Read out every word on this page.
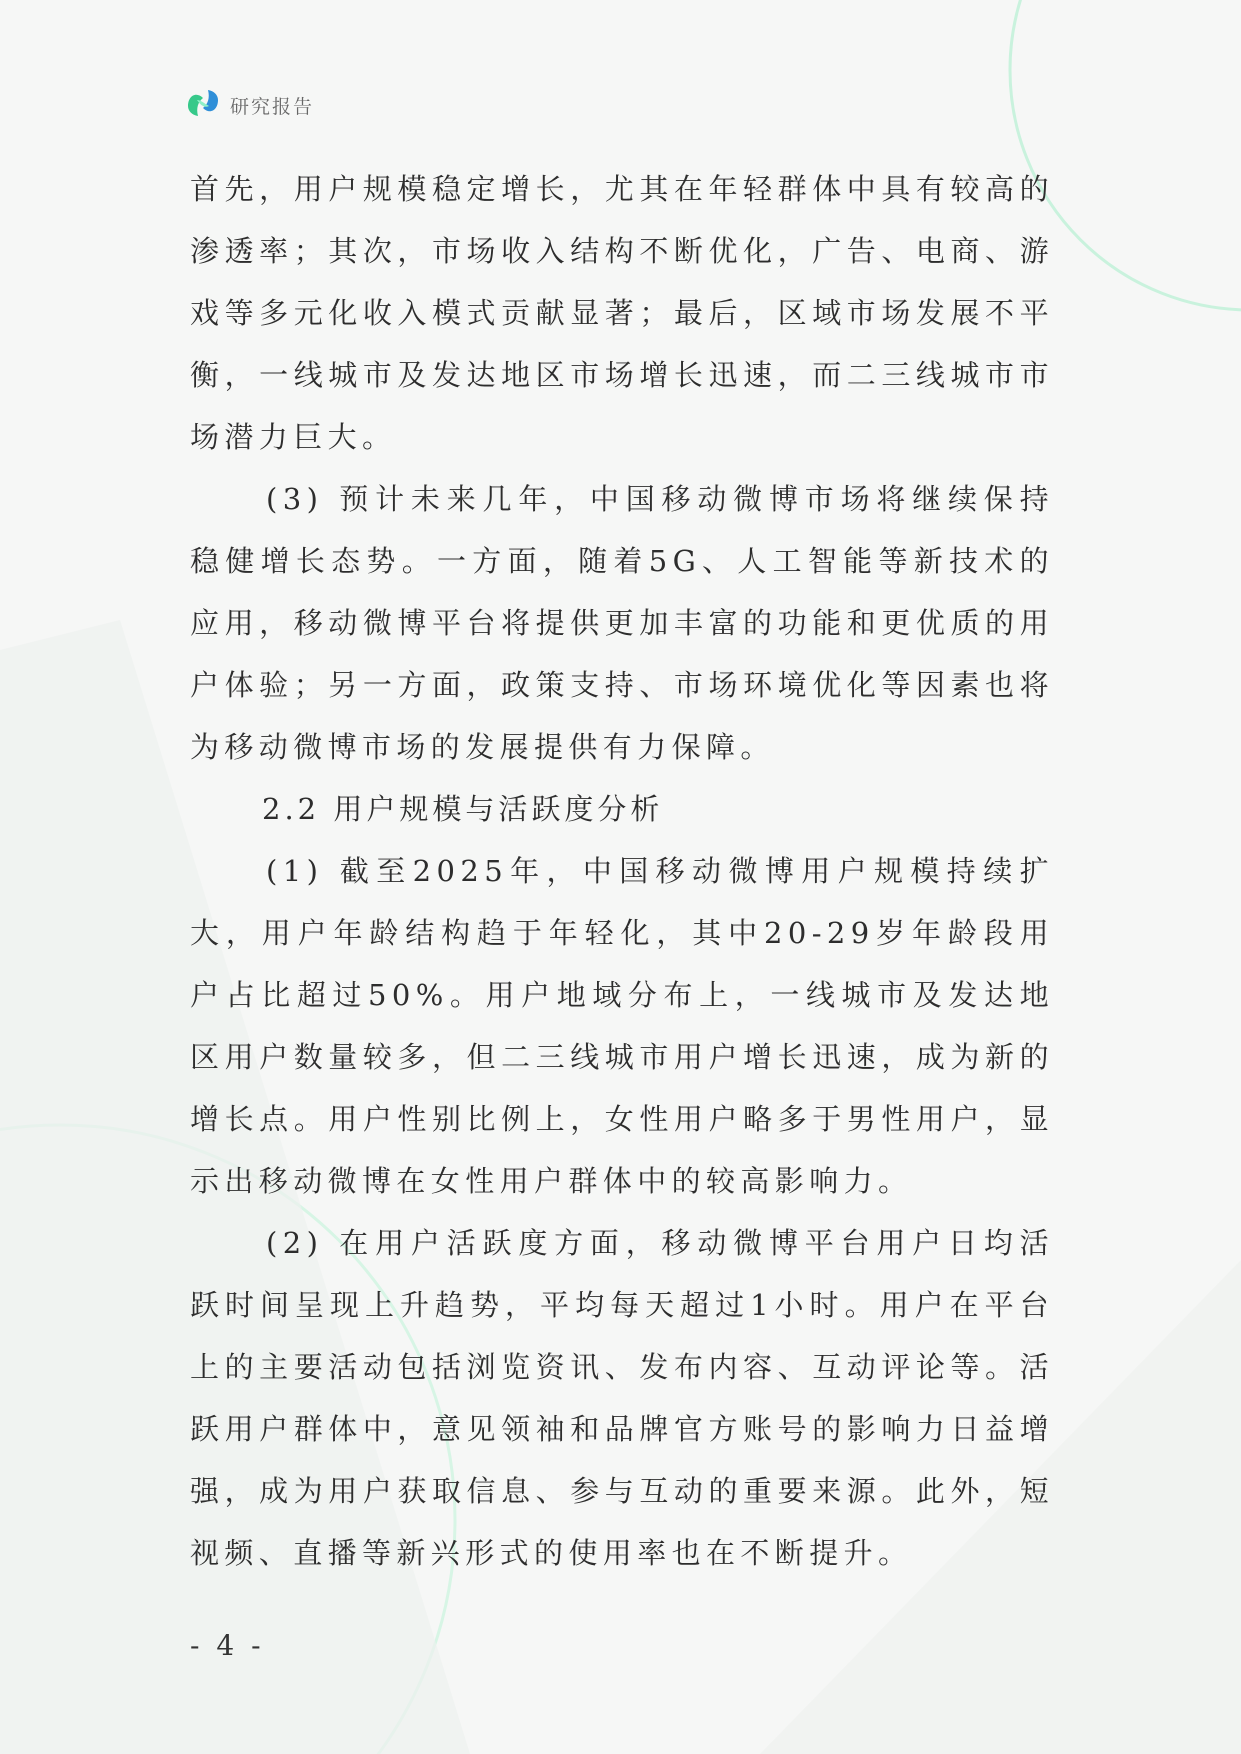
研究报告

首先，用户规模稳定增长，尤其在年轻群体中具有较高的渗透率；其次，市场收入结构不断优化，广告、电商、游戏等多元化收入模式贡献显著；最后，区域市场发展不平衡，一线城市及发达地区市场增长迅速，而二三线城市市场潜力巨大。

(3) 预计未来几年，中国移动微博市场将继续保持稳健增长态势。一方面，随着5G、人工智能等新技术的应用，移动微博平台将提供更加丰富的功能和更优质的用户体验；另一方面，政策支持、市场环境优化等因素也将为移动微博市场的发展提供有力保障。

2.2 用户规模与活跃度分析

(1) 截至2025年，中国移动微博用户规模持续扩大，用户年龄结构趋于年轻化，其中20-29岁年龄段用户占比超过50%。用户地域分布上，一线城市及发达地区用户数量较多，但二三线城市用户增长迅速，成为新的增长点。用户性别比例上，女性用户略多于男性用户，显示出移动微博在女性用户群体中的较高影响力。

(2) 在用户活跃度方面，移动微博平台用户日均活跃时间呈现上升趋势，平均每天超过1小时。用户在平台上的主要活动包括浏览资讯、发布内容、互动评论等。活跃用户群体中，意见领袖和品牌官方账号的影响力日益增强，成为用户获取信息、参与互动的重要来源。此外，短视频、直播等新兴形式的使用率也在不断提升。

- 4 -
